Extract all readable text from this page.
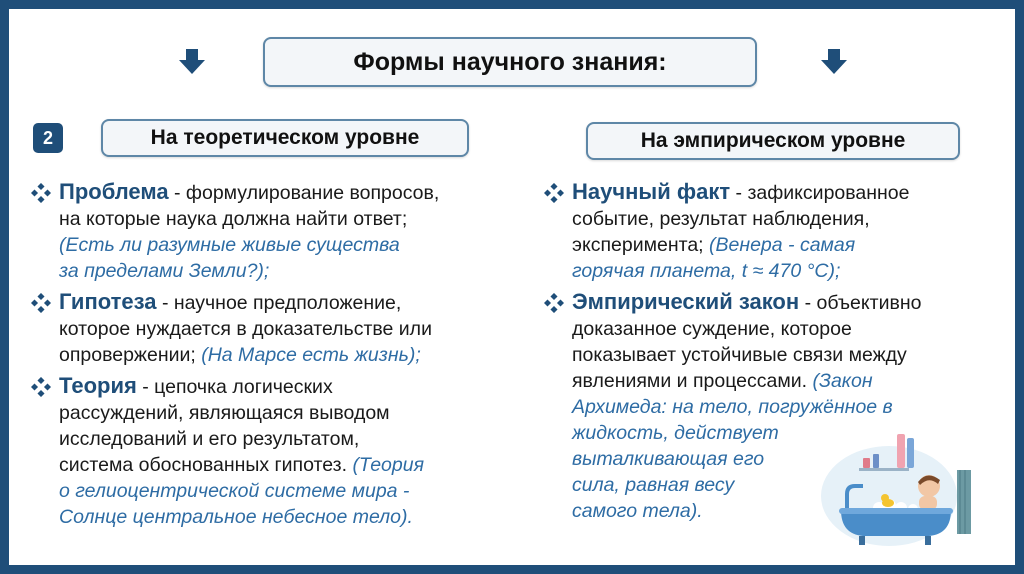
Формы научного знания:
2	На теоретическом уровне	На эмпирическом уровне
Проблема - формулирование вопросов,
на которые наука должна найти ответ;
(Есть ли разумные живые существа
за пределами Земли?);
Гипотеза - научное предположение,
которое нуждается в доказательстве или
опровержении; (На Марсе есть жизнь);
Теория - цепочка логических
рассуждений, являющаяся выводом
исследований и его результатом,
система обоснованных гипотез. (Теория
о гелиоцентрической системе мира -
Солнце центральное небесное тело).
Научный факт - зафиксированное
событие, результат наблюдения,
эксперимента; (Венера - самая
горячая планета, t ≈ 470 °C);
Эмпирический закон - объективно
доказанное суждение, которое
показывает устойчивые связи между
явлениями и процессами. (Закон
Архимеда: на тело, погружённое в
жидкость, действует
выталкивающая его
сила, равная весу
самого тела).
